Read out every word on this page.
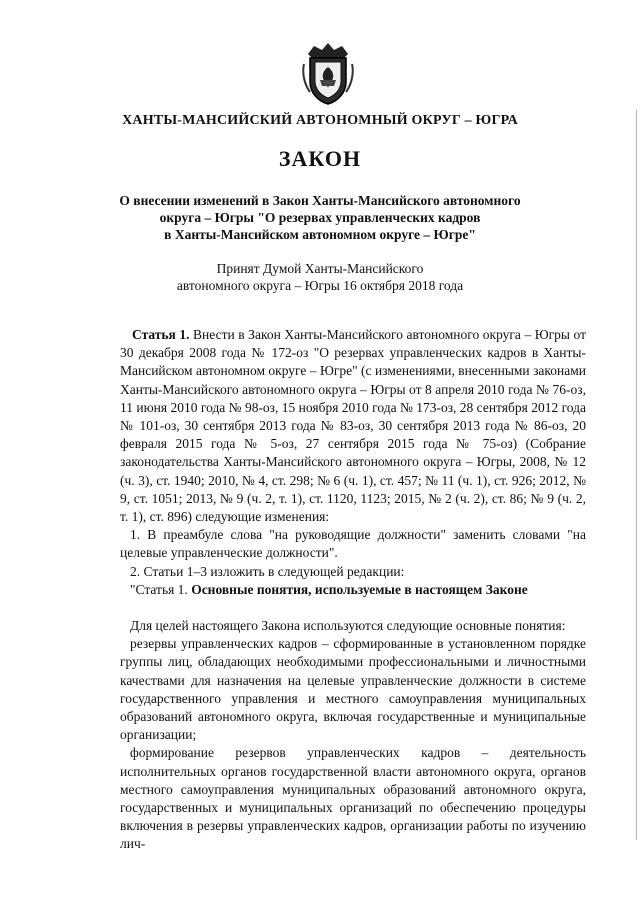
ХАНТЫ-МАНСИЙСКИЙ АВТОНОМНЫЙ ОКРУГ – ЮГРА
ЗАКОН
О внесении изменений в Закон Ханты-Мансийского автономного
округа – Югры "О резервах управленческих кадров
в Ханты-Мансийском автономном округе – Югре"
Принят Думой Ханты-Мансийского
автономного округа – Югры 16 октября 2018 года

Статья 1. Внести в Закон Ханты-Мансийского автономного округа – Югры от 30 декабря 2008 года № 172-оз "О резервах управленческих кадров в Ханты-Мансийском автономном округе – Югре" (с изменениями, внесенными законами Ханты-Мансийского автономного округа – Югры от 8 апреля 2010 года № 76-оз, 11 июня 2010 года № 98-оз, 15 ноября 2010 года № 173-оз, 28 сентября 2012 года № 101-оз, 30 сентября 2013 года № 83-оз, 30 сентября 2013 года № 86-оз, 20 февраля 2015 года № 5-оз, 27 сентября 2015 года № 75-оз) (Собрание законодательства Ханты-Мансийского автономного округа – Югры, 2008, № 12 (ч. 3), ст. 1940; 2010, № 4, ст. 298; № 6 (ч. 1), ст. 457; № 11 (ч. 1), ст. 926; 2012, № 9, ст. 1051; 2013, № 9 (ч. 2, т. 1), ст. 1120, 1123; 2015, № 2 (ч. 2), ст. 86; № 9 (ч. 2, т. 1), ст. 896) следующие изменения:

1. В преамбуле слова "на руководящие должности" заменить словами "на целевые управленческие должности".

2. Статьи 1–3 изложить в следующей редакции:

"Статья 1. Основные понятия, используемые в настоящем Законе

Для целей настоящего Закона используются следующие основные понятия:

резервы управленческих кадров – сформированные в установленном порядке группы лиц, обладающих необходимыми профессиональными и личностными качествами для назначения на целевые управленческие должности в системе государственного управления и местного самоуправления муниципальных образований автономного округа, включая государственные и муниципальные организации;

формирование резервов управленческих кадров – деятельность исполнительных органов государственной власти автономного округа, органов местного самоуправления муниципальных образований автономного округа, государственных и муниципальных организаций по обеспечению процедуры включения в резервы управленческих кадров, организации работы по изучению лич-
